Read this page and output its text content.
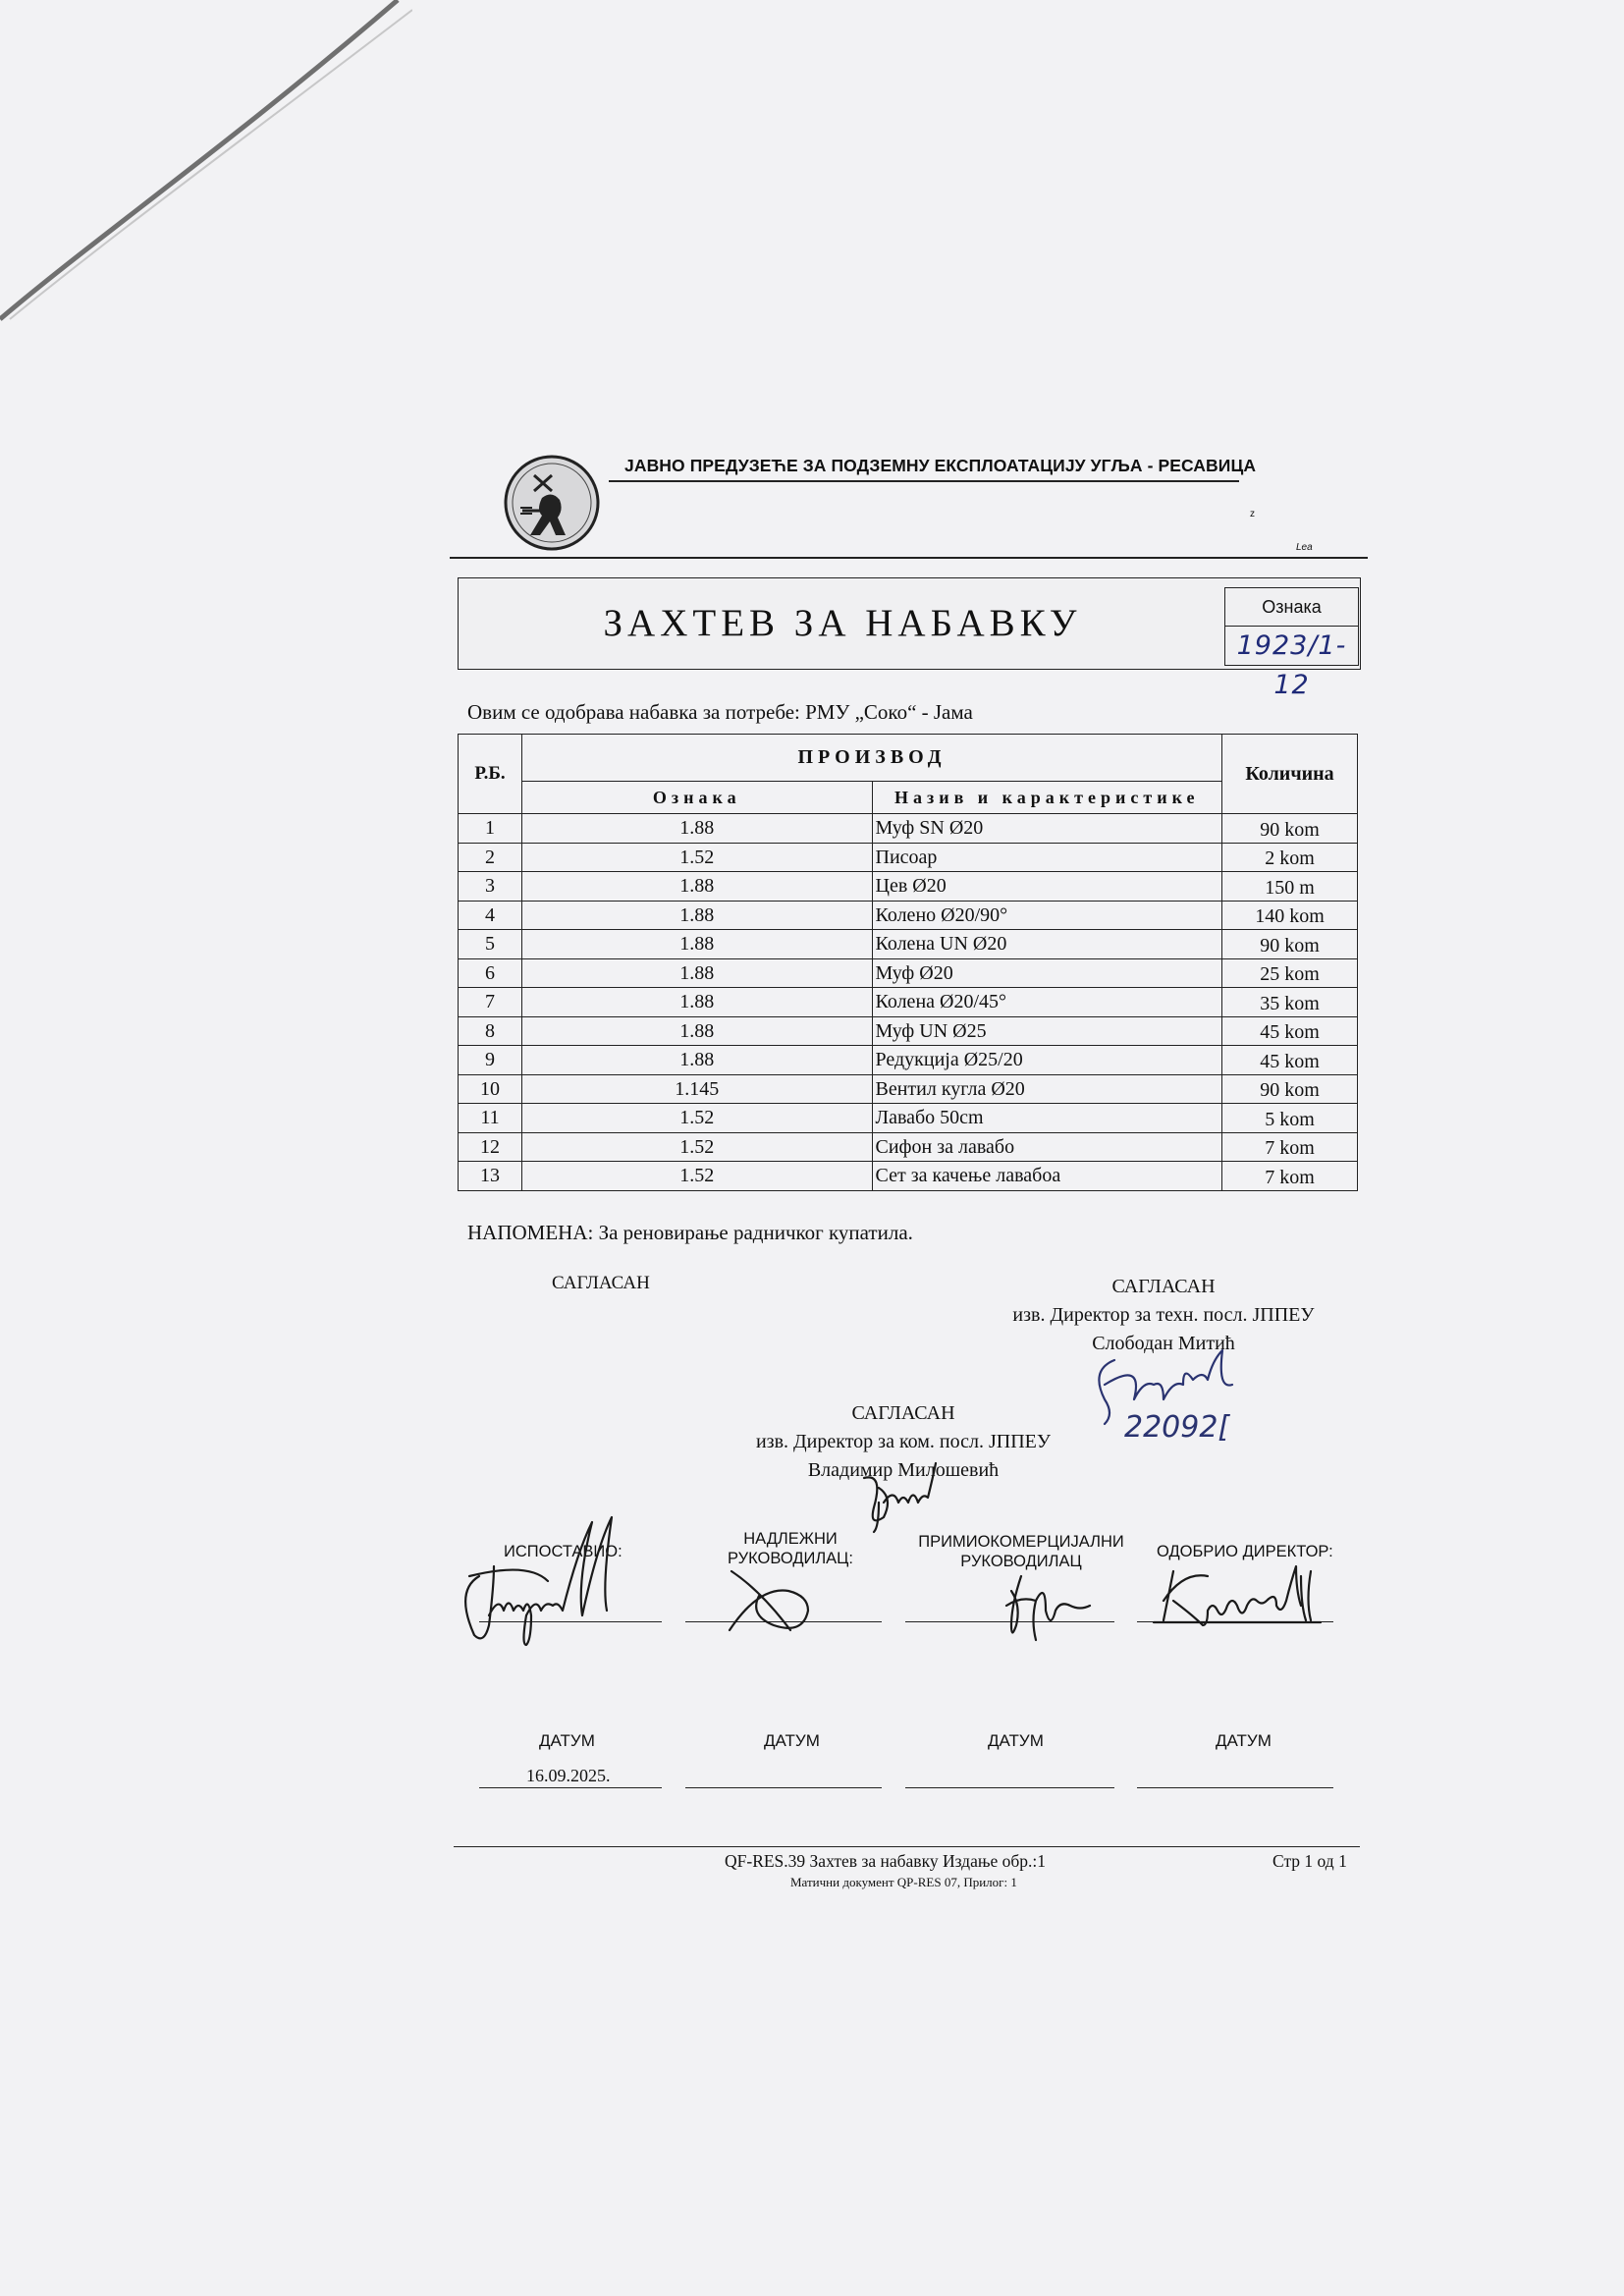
ЈАВНО ПРЕДУЗЕЋЕ ЗА ПОДЗЕМНУ ЕКСПЛОАТАЦИЈУ УГЉА - РЕСАВИЦА
z
Lea
ЗАХТЕВ ЗА НАБАВКУ	Ознака
1923/1-12
Овим се одобрава набавка за потребе: РМУ „Соко“ - Јама
Р.Б.	ПРОИЗВОД		Количина
	Ознака	Назив и карактеристике	
1	1.88	Муф SN Ø20	90 kom
2	1.52	Писоар	2 kom
3	1.88	Цев Ø20	150 m
4	1.88	Колено Ø20/90°	140 kom
5	1.88	Колена UN Ø20	90 kom
6	1.88	Муф Ø20	25 kom
7	1.88	Колена Ø20/45°	35 kom
8	1.88	Муф UN Ø25	45 kom
9	1.88	Редукција Ø25/20	45 kom
10	1.145	Вентил кугла Ø20	90 kom
11	1.52	Лавабо 50cm	5 kom
12	1.52	Сифон за лавабо	7 kom
13	1.52	Сет за качење лавабоа	7 kom
НАПОМЕНА: За реновирање радничког купатила.
САГЛАСАН	САГЛАСАН
изв. Директор за техн. посл. ЈППЕУ
Слободан Митић
22092[
САГЛАСАН
изв. Директор за ком. посл. ЈППЕУ
Владимир Милошевић
ИСПОСТАВИО:
НАДЛЕЖНИ
РУКОВОДИЛАЦ:
ПРИМИОКОМЕРЦИЈАЛНИ
РУКОВОДИЛАЦ
ОДОБРИО ДИРЕКТОР:
ДАТУМ	ДАТУМ	ДАТУМ	ДАТУМ
16.09.2025.
QF-RES.39 Захтев за набавку Издање обр.:1	Стр 1 од 1
Матични документ QP-RES 07, Прилог: 1
